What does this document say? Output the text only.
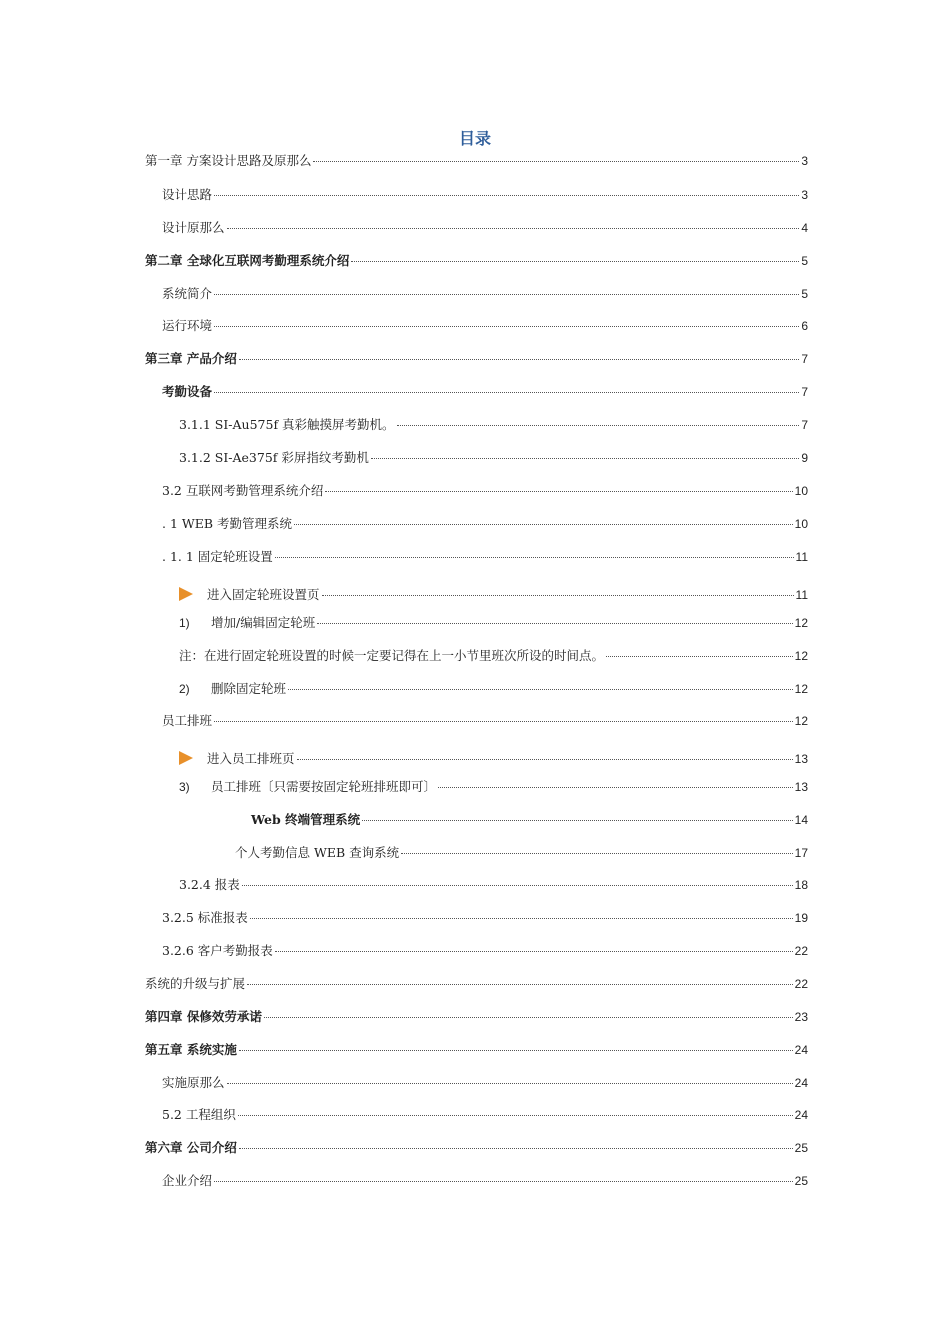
目录
第一章 方案设计思路及原那么	3
设计思路	3
设计原那么	4
第二章 全球化互联网考勤理系统介绍	5
系统简介	5
运行环境	6
第三章 产品介绍	7
考勤设备	7
3.1.1 SI-Au575f 真彩触摸屏考勤机。	7
3.1.2 SI-Ae375f 彩屏指纹考勤机	9
3.2 互联网考勤管理系统介绍	10
. 1 WEB 考勤管理系统	10
. 1. 1 固定轮班设置	11
进入固定轮班设置页	11
1)	增加/编辑固定轮班	12
注：在进行固定轮班设置的时候一定要记得在上一小节里班次所设的时间点。	12
2)	删除固定轮班	12
员工排班	12
进入员工排班页	13
3)	员工排班〔只需要按固定轮班排班即可〕	13
Web 终端管理系统	14
个人考勤信息 WEB 查询系统	17
3.2.4 报表	18
3.2.5 标准报表	19
3.2.6 客户考勤报表	22
系统的升级与扩展	22
第四章 保修效劳承诺	23
第五章 系统实施	24
实施原那么	24
5.2 工程组织	24
第六章 公司介绍	25
企业介绍	25
